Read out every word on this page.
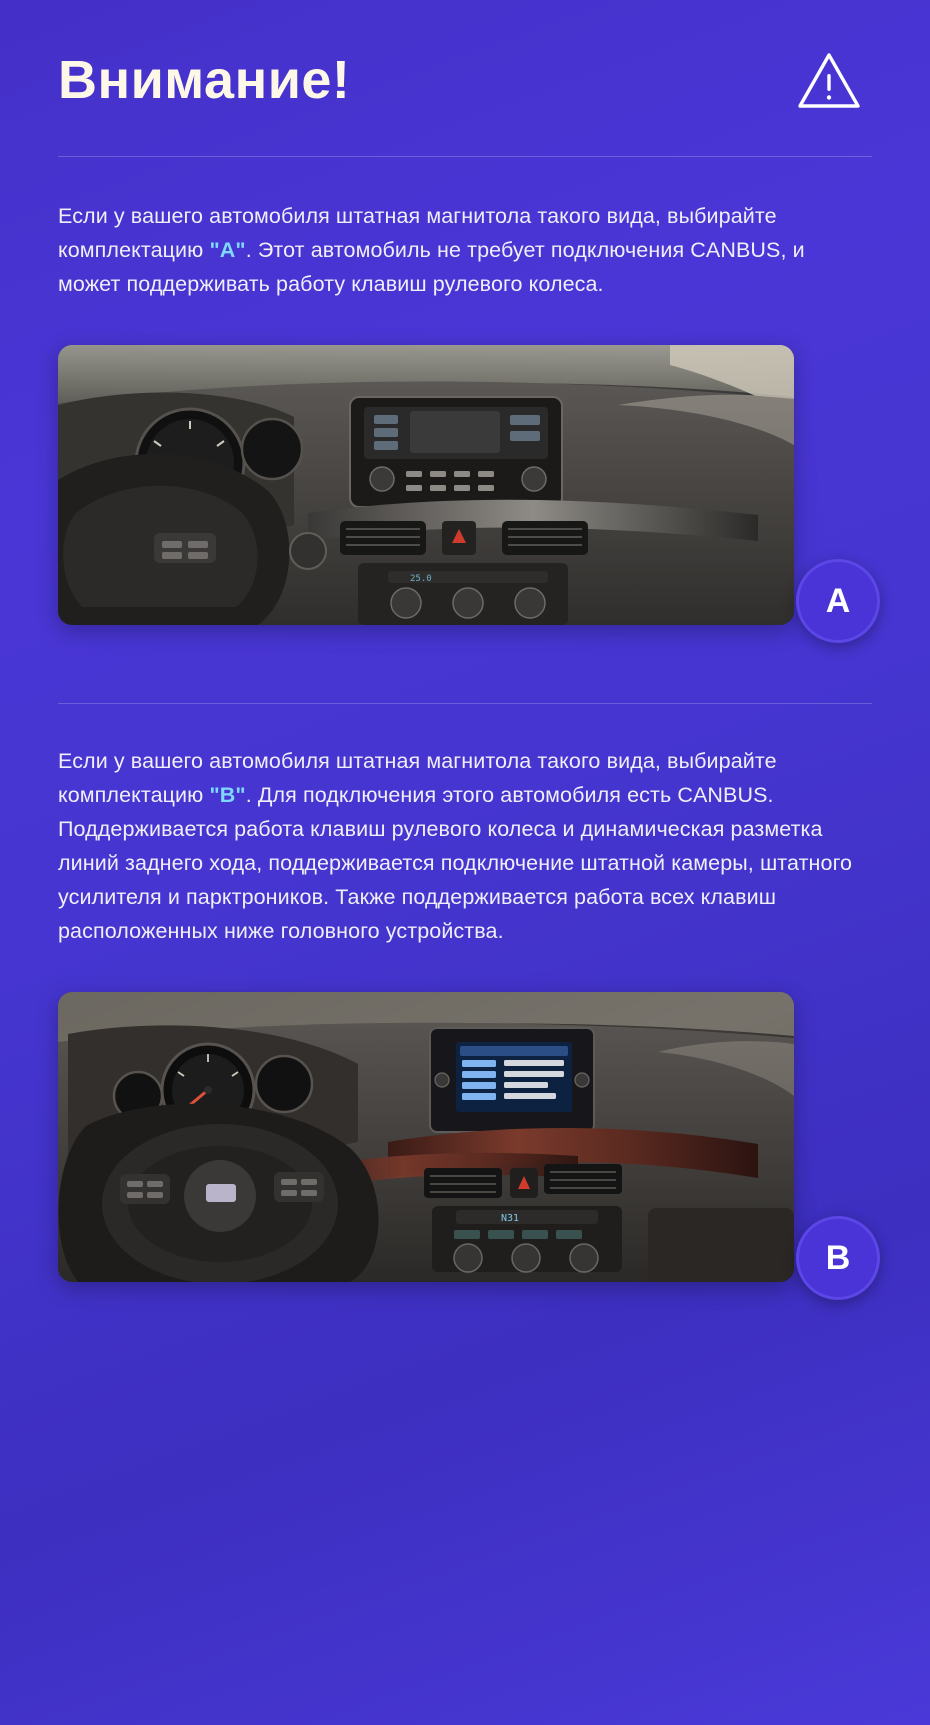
Внимание!

Если у вашего автомобиля штатная магнитола такого вида, выбирайте комплектацию "A". Этот автомобиль не требует подключения CANBUS, и может поддерживать работу клавиш рулевого колеса.

25.0
A

Если у вашего автомобиля штатная магнитола такого вида, выбирайте комплектацию "B". Для подключения этого автомобиля есть CANBUS. Поддерживается работа клавиш рулевого колеса и динамическая разметка линий заднего хода, поддерживается подключение штатной камеры, штатного усилителя и парктроников. Также поддерживается работа всех клавиш расположенных ниже головного устройства.

N31
B
